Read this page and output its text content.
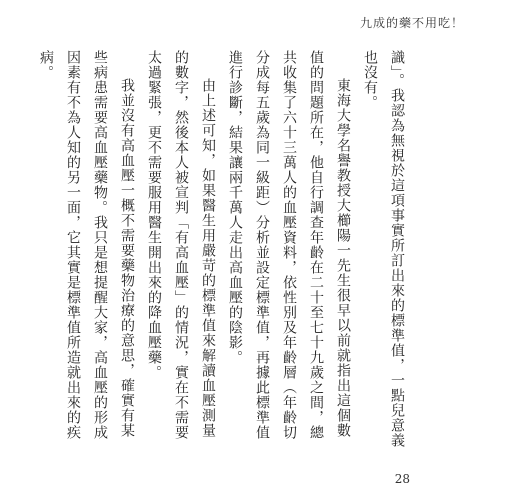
九成的藥不用吃！

識」。我認為無視於這項事實所訂出來的標準值，一點兒意義也沒有。

東海大學名譽教授大櫛陽一先生很早以前就指出這個數值的問題所在，他自行調查年齡在二十至七十九歲之間，總共收集了六十三萬人的血壓資料，依性別及年齡層（年齡切分成每五歲為同一級距）分析並設定標準值，再據此標準值進行診斷，結果讓兩千萬人走出高血壓的陰影。

由上述可知，如果醫生用嚴苛的標準值來解讀血壓測量的數字，然後本人被宣判「有高血壓」的情況，實在不需要太過緊張，更不需要服用醫生開出來的降血壓藥。

我並沒有高血壓一概不需要藥物治療的意思，確實有某些病患需要高血壓藥物。我只是想提醒大家，高血壓的形成因素有不為人知的另一面，它其實是標準值所造就出來的疾病。

28
